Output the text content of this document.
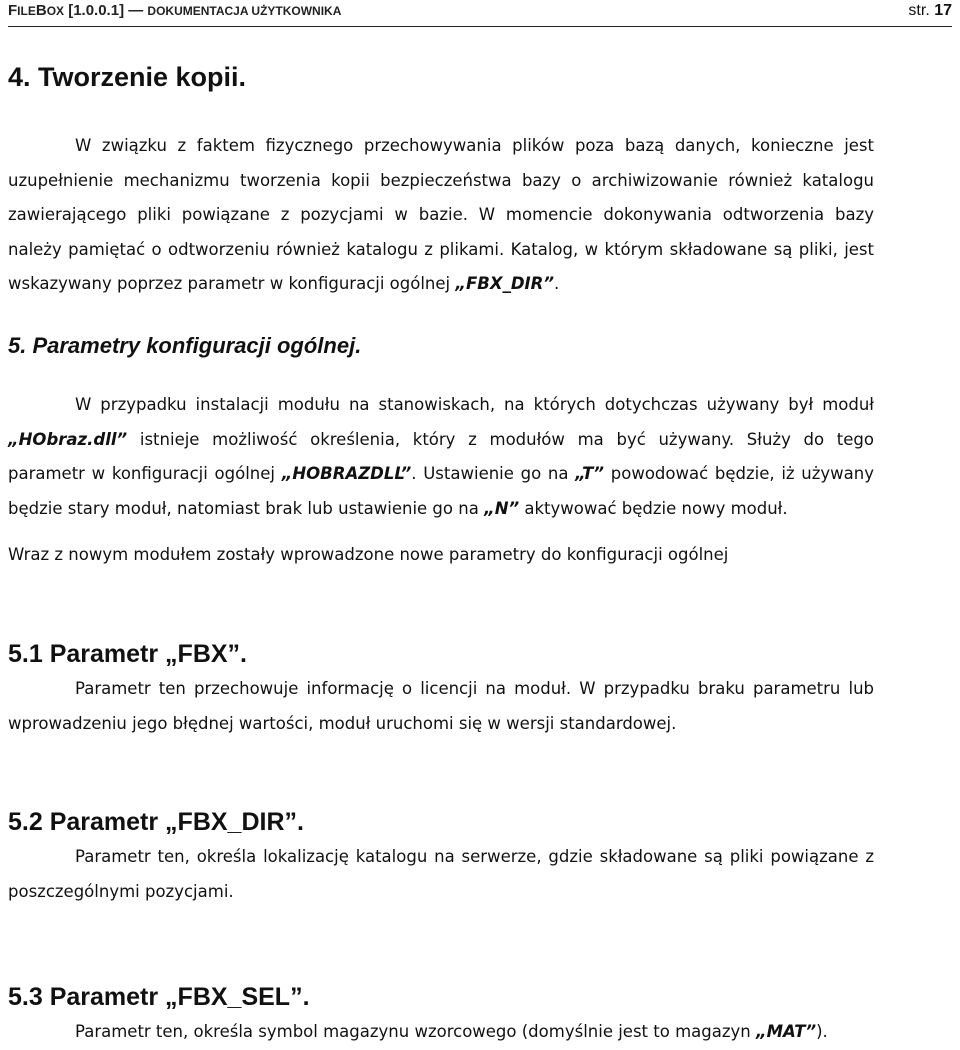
FILEBOX [1.0.0.1] — DOKUMENTACJA UŻYTKOWNIKA	str. 17
4. Tworzenie kopii.
W związku z faktem fizycznego przechowywania plików poza bazą danych, konieczne jest
uzupełnienie mechanizmu tworzenia kopii bezpieczeństwa bazy o archiwizowanie również katalogu
zawierającego pliki powiązane z pozycjami w bazie. W momencie dokonywania odtworzenia bazy
należy pamiętać o odtworzeniu również katalogu z plikami. Katalog, w którym składowane są pliki, jest
wskazywany poprzez parametr w konfiguracji ogólnej „FBX_DIR”.
5. Parametry konfiguracji ogólnej.
W przypadku instalacji modułu na stanowiskach, na których dotychczas używany był moduł
„HObraz.dll” istnieje możliwość określenia, który z modułów ma być używany. Służy do tego
parametr w konfiguracji ogólnej „HOBRAZDLL”. Ustawienie go na „T” powodować będzie, iż używany
będzie stary moduł, natomiast brak lub ustawienie go na „N” aktywować będzie nowy moduł.
Wraz z nowym modułem zostały wprowadzone nowe parametry do konfiguracji ogólnej
5.1 Parametr „FBX”.
Parametr ten przechowuje informację o licencji na moduł. W przypadku braku parametru lub
wprowadzeniu jego błędnej wartości, moduł uruchomi się w wersji standardowej.
5.2 Parametr „FBX_DIR”.
Parametr ten, określa lokalizację katalogu na serwerze, gdzie składowane są pliki powiązane z
poszczególnymi pozycjami.
5.3 Parametr „FBX_SEL”.
Parametr ten, określa symbol magazynu wzorcowego (domyślnie jest to magazyn „MAT”).
